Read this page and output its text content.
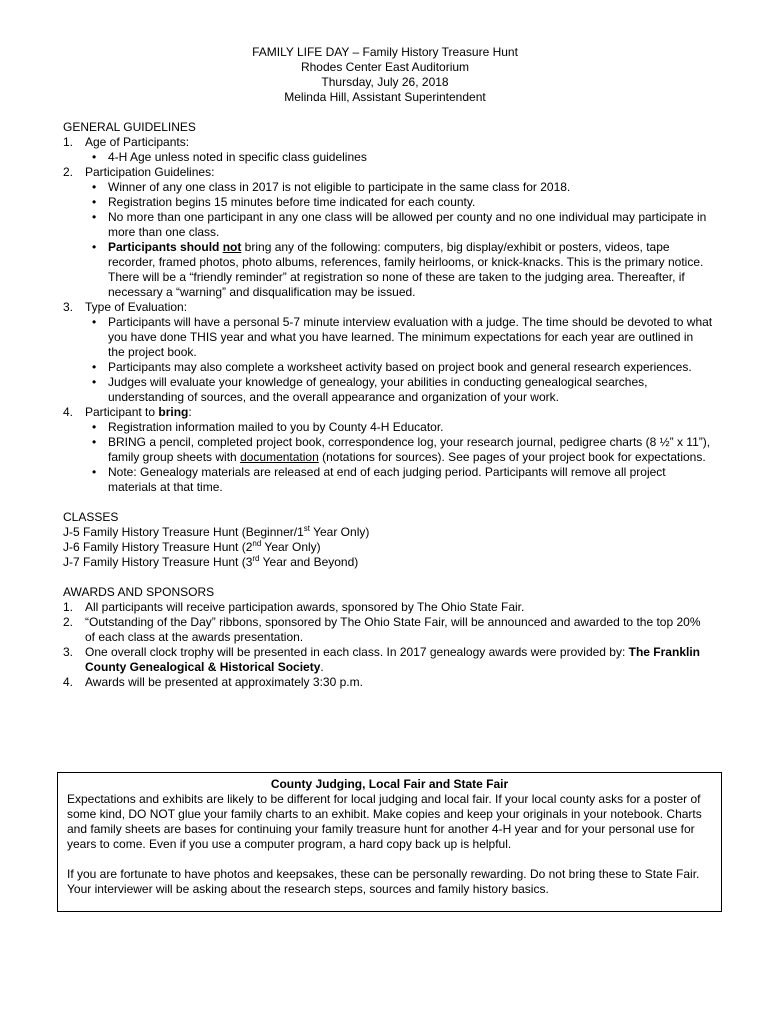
FAMILY LIFE DAY – Family History Treasure Hunt
Rhodes Center East Auditorium
Thursday, July 26, 2018
Melinda Hill, Assistant Superintendent
GENERAL GUIDELINES
1. Age of Participants:
• 4-H Age unless noted in specific class guidelines
2. Participation Guidelines:
• Winner of any one class in 2017 is not eligible to participate in the same class for 2018.
• Registration begins 15 minutes before time indicated for each county.
• No more than one participant in any one class will be allowed per county and no one individual may participate in more than one class.
• Participants should not bring any of the following: computers, big display/exhibit or posters, videos, tape recorder, framed photos, photo albums, references, family heirlooms, or knick-knacks. This is the primary notice. There will be a “friendly reminder” at registration so none of these are taken to the judging area. Thereafter, if necessary a “warning” and disqualification may be issued.
3. Type of Evaluation:
• Participants will have a personal 5-7 minute interview evaluation with a judge. The time should be devoted to what you have done THIS year and what you have learned. The minimum expectations for each year are outlined in the project book.
• Participants may also complete a worksheet activity based on project book and general research experiences.
• Judges will evaluate your knowledge of genealogy, your abilities in conducting genealogical searches, understanding of sources, and the overall appearance and organization of your work.
4. Participant to bring:
• Registration information mailed to you by County 4-H Educator.
• BRING a pencil, completed project book, correspondence log, your research journal, pedigree charts (8 ½” x 11”), family group sheets with documentation (notations for sources). See pages of your project book for expectations.
• Note: Genealogy materials are released at end of each judging period. Participants will remove all project materials at that time.
CLASSES
J-5 Family History Treasure Hunt (Beginner/1st Year Only)
J-6 Family History Treasure Hunt (2nd Year Only)
J-7 Family History Treasure Hunt (3rd Year and Beyond)
AWARDS AND SPONSORS
1. All participants will receive participation awards, sponsored by The Ohio State Fair.
2. “Outstanding of the Day” ribbons, sponsored by The Ohio State Fair, will be announced and awarded to the top 20% of each class at the awards presentation.
3. One overall clock trophy will be presented in each class. In 2017 genealogy awards were provided by: The Franklin County Genealogical & Historical Society.
4. Awards will be presented at approximately 3:30 p.m.
County Judging, Local Fair and State Fair
Expectations and exhibits are likely to be different for local judging and local fair. If your local county asks for a poster of some kind, DO NOT glue your family charts to an exhibit. Make copies and keep your originals in your notebook. Charts and family sheets are bases for continuing your family treasure hunt for another 4-H year and for your personal use for years to come. Even if you use a computer program, a hard copy back up is helpful.
If you are fortunate to have photos and keepsakes, these can be personally rewarding. Do not bring these to State Fair. Your interviewer will be asking about the research steps, sources and family history basics.
